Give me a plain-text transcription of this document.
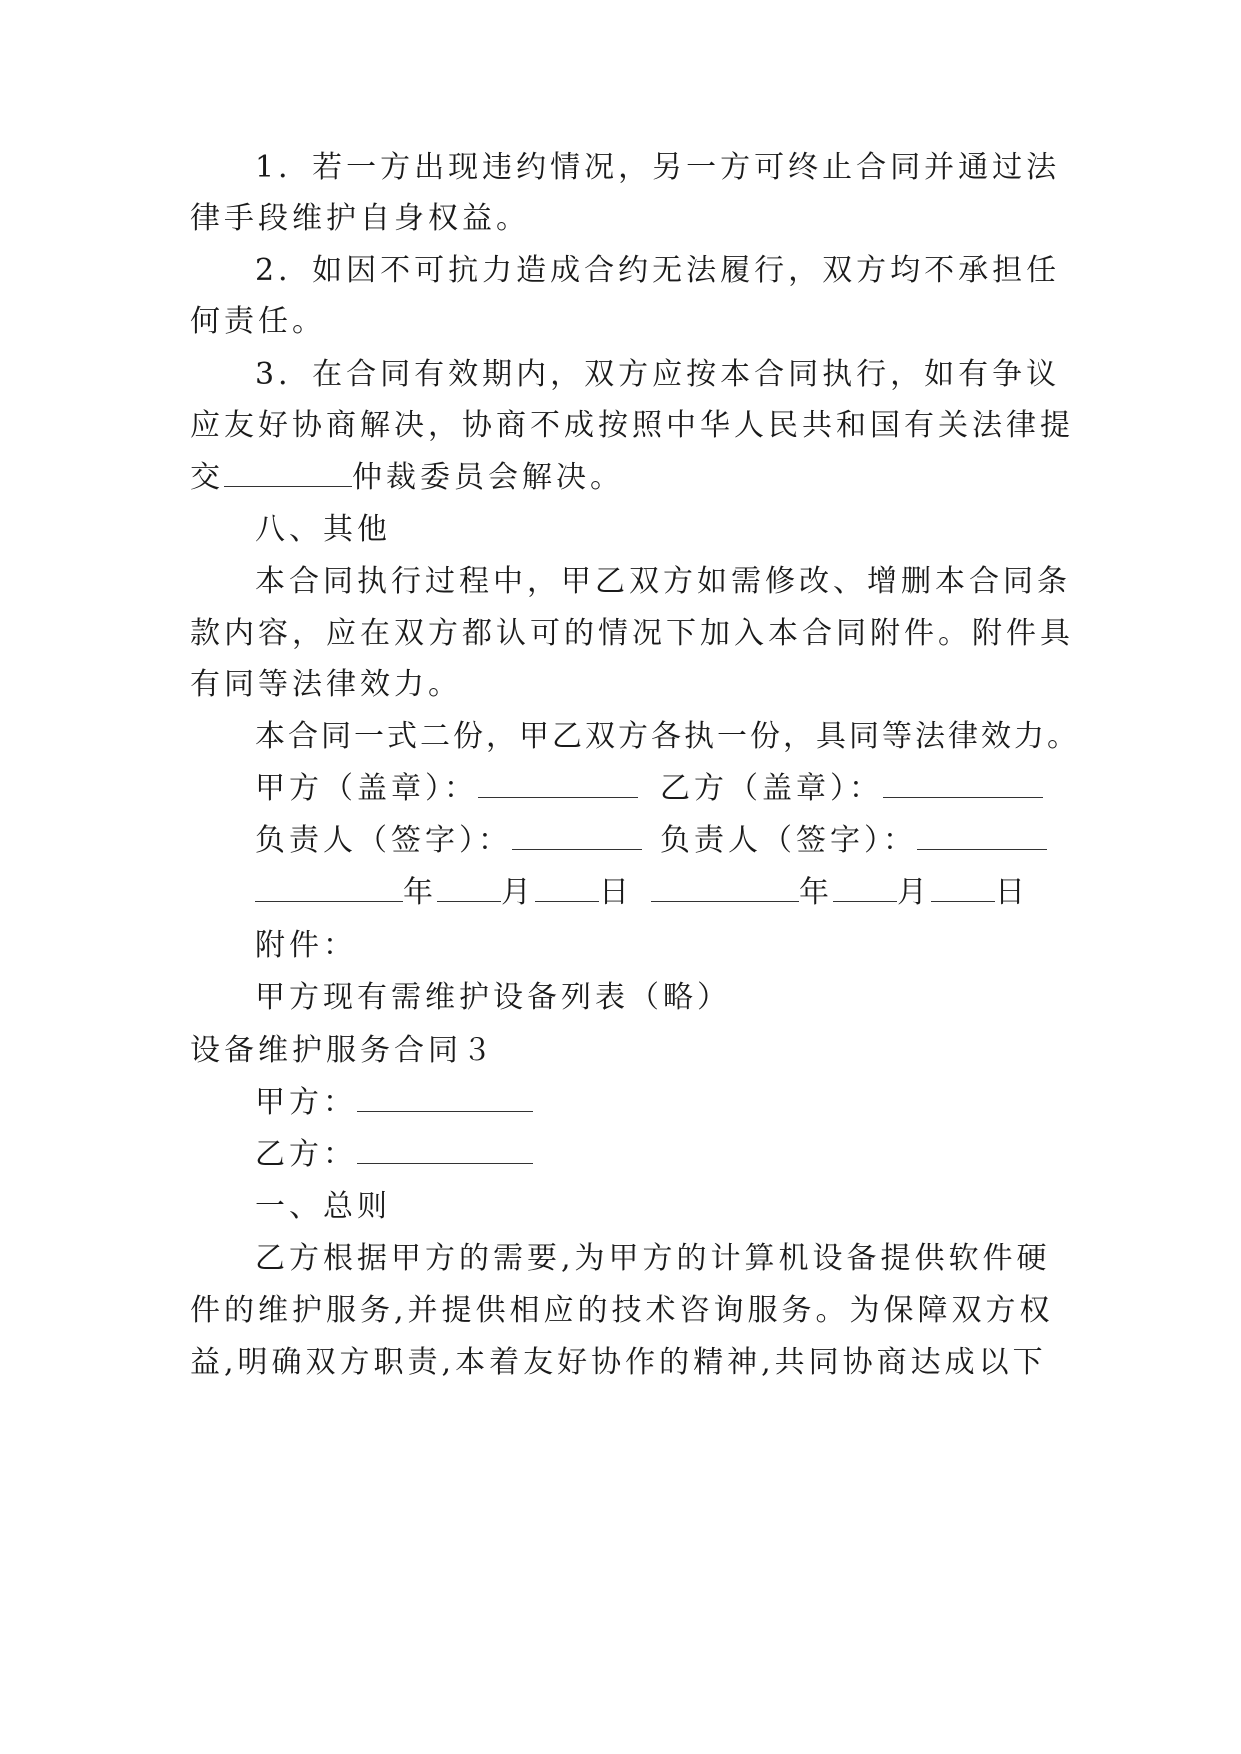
1．若一方出现违约情况，另一方可终止合同并通过法
律手段维护自身权益。
2．如因不可抗力造成合约无法履行，双方均不承担任
何责任。
3．在合同有效期内，双方应按本合同执行，如有争议
应友好协商解决，协商不成按照中华人民共和国有关法律提
交	仲裁委员会解决。
八、其他
本合同执行过程中，甲乙双方如需修改、增删本合同条
款内容，应在双方都认可的情况下加入本合同附件。附件具
有同等法律效力。
本合同一式二份，甲乙双方各执一份，具同等法律效力。
甲方（盖章）：	乙方（盖章）：
负责人（签字）：	负责人（签字）：
年 月 日	年 月 日
附件：
甲方现有需维护设备列表（略）
设备维护服务合同３
甲方：
乙方：
一、总则
乙方根据甲方的需要,为甲方的计算机设备提供软件硬
件的维护服务,并提供相应的技术咨询服务。为保障双方权
益,明确双方职责,本着友好协作的精神,共同协商达成以下
